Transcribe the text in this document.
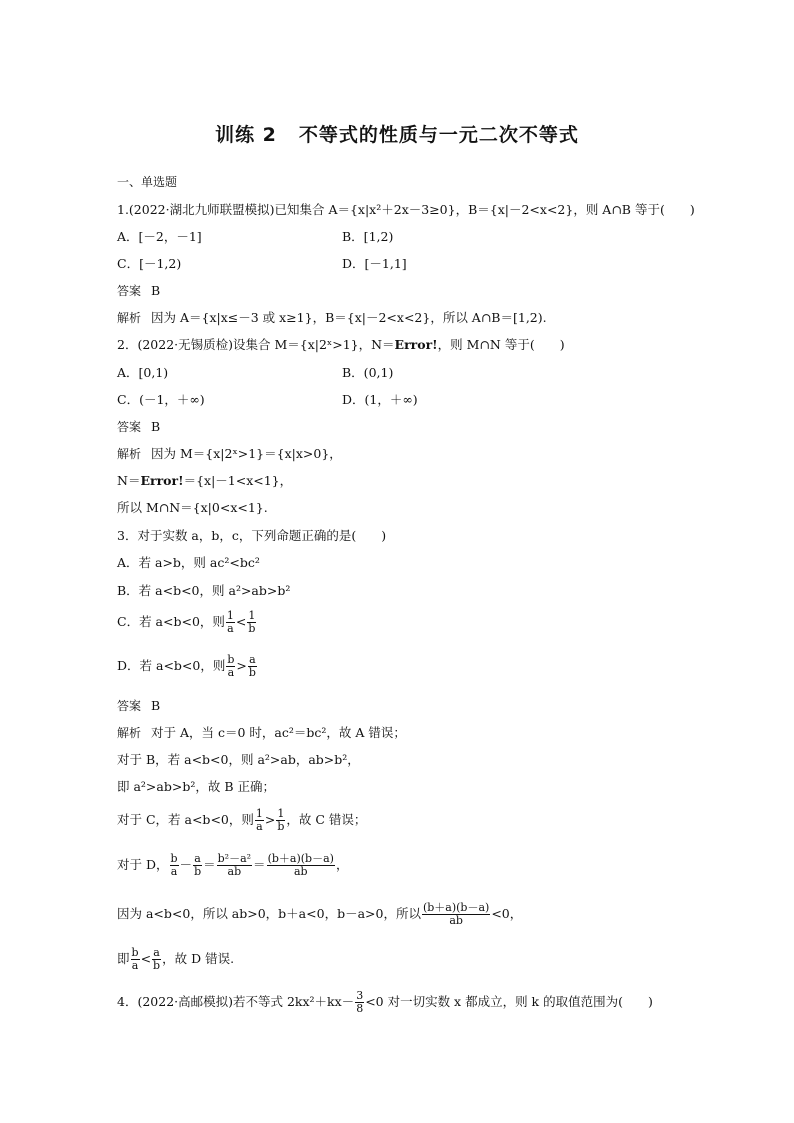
训练 2 不等式的性质与一元二次不等式
一、单选题
1.(2022·湖北九师联盟模拟)已知集合 A＝{x|x²＋2x－3≥0}，B＝{x|－2<x<2}，则 A∩B 等于(　　)
A．[－2，－1]	B．[1,2)
C．[－1,2)	D．[－1,1]
答案 B
解析 因为 A＝{x|x≤－3 或 x≥1}，B＝{x|－2<x<2}，所以 A∩B＝[1,2).
2．(2022·无锡质检)设集合 M＝{x|2ˣ>1}，N＝Error!，则 M∩N 等于(　　)
A．[0,1)	B．(0,1)
C．(－1，＋∞)	D．(1，＋∞)
答案 B
解析 因为 M＝{x|2ˣ>1}＝{x|x>0}，
N＝Error!＝{x|－1<x<1}，
所以 M∩N＝{x|0<x<1}.
3．对于实数 a，b，c，下列命题正确的是(　　)
A．若 a>b，则 ac²<bc²
B．若 a<b<0，则 a²>ab>b²
C．若 a<b<0，则 $\frac{1}{a} < \frac{1}{b}$
D．若 a<b<0，则 $\frac{b}{a} > \frac{a}{b}$
答案 B
解析 对于 A，当 c＝0 时，ac²＝bc²，故 A 错误；
对于 B，若 a<b<0，则 a²>ab，ab>b²，
即 a²>ab>b²，故 B 正确；
对于 C，若 a<b<0，则 $\frac{1}{a} > \frac{1}{b}$ ，故 C 错误；
对于 D， $\frac{b}{a} - \frac{a}{b} = \frac{\text{b²－a²}}{ab} = \frac{(b+a)(b-a)}{ab}$ ，
因为 a<b<0，所以 ab>0，b＋a<0，b－a>0，所以 $\frac{(b+a)(b-a)}{ab} <0$，
即 $\frac{b}{a} < \frac{a}{b}$ ，故 D 错误.
4．(2022·高邮模拟)若不等式 $2kx^2+kx- \frac{3}{8} <0$ 对一切实数 x 都成立，则 k 的取值范围为(　　)
